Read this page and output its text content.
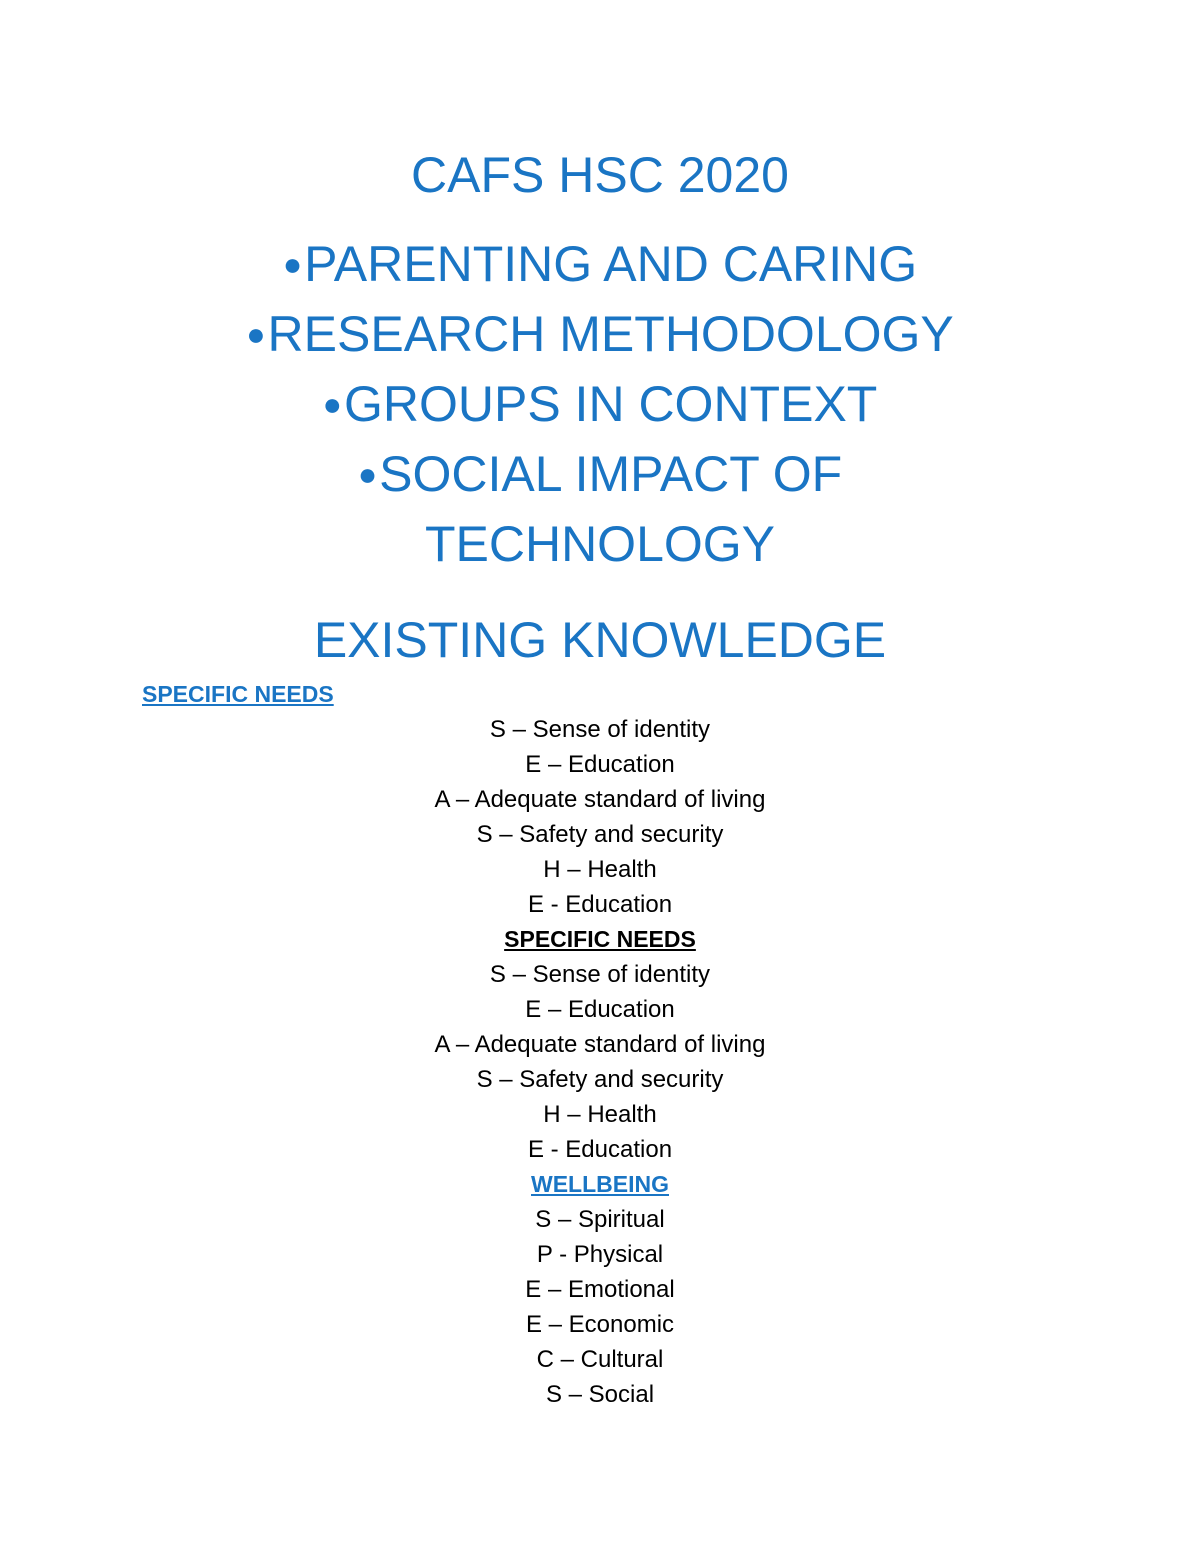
CAFS HSC 2020
●PARENTING AND CARING
●RESEARCH METHODOLOGY
●GROUPS IN CONTEXT
●SOCIAL IMPACT OF
TECHNOLOGY
EXISTING KNOWLEDGE
SPECIFIC NEEDS
S – Sense of identity
E – Education
A – Adequate standard of living
S – Safety and security
H – Health
E - Education
SPECIFIC NEEDS
S – Sense of identity
E – Education
A – Adequate standard of living
S – Safety and security
H – Health
E - Education
WELLBEING
S – Spiritual
P - Physical
E – Emotional
E – Economic
C – Cultural
S – Social
